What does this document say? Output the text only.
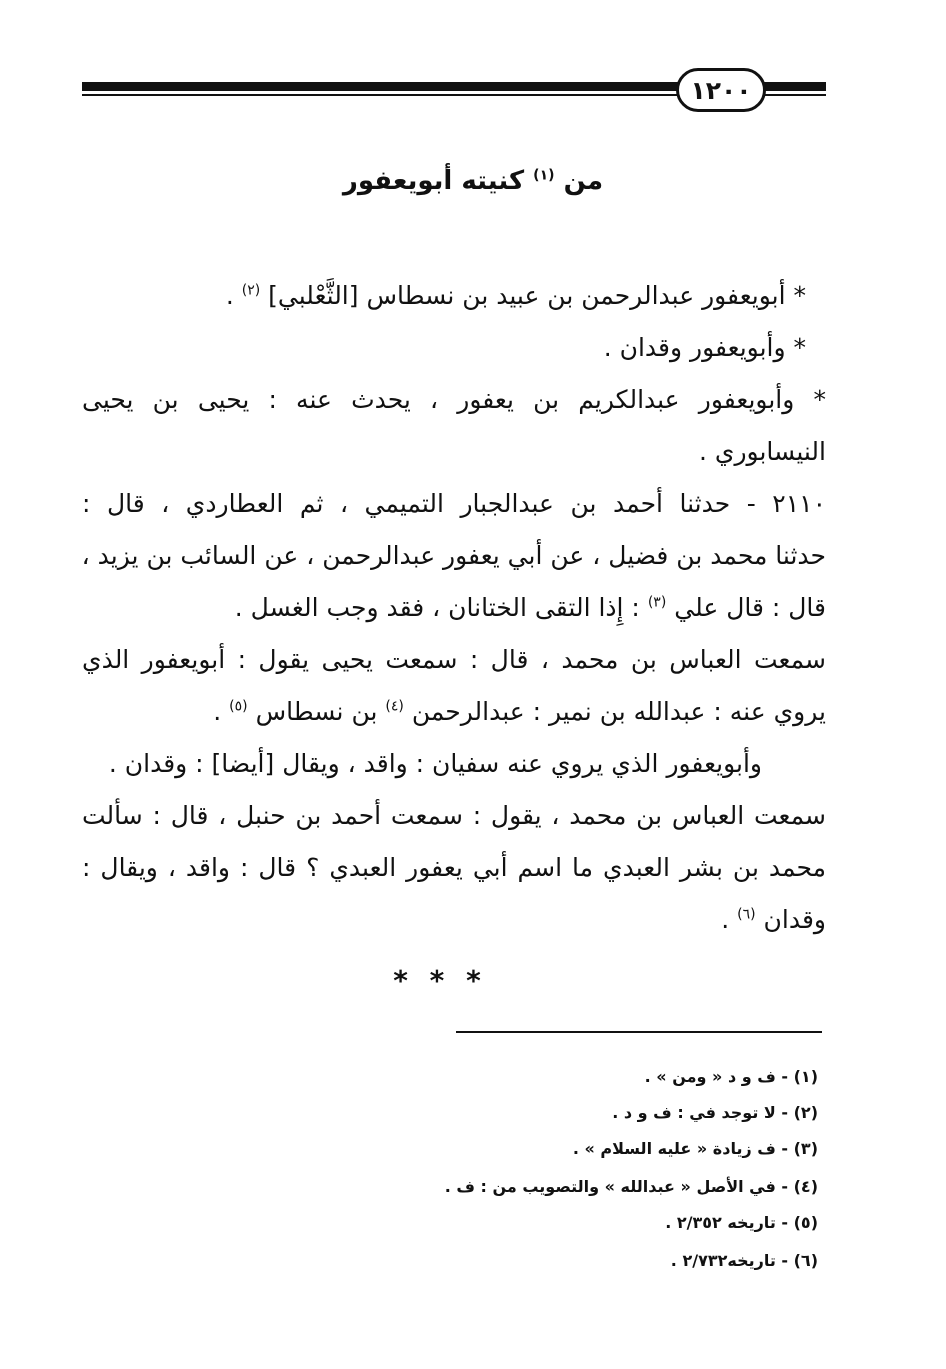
١٢٠٠
من $^{(١)}$ كنيته أبويعفور
* أبويعفور عبدالرحمن بن عبيد بن نسطاس [الثَّعْلبي] $^{(٢)}$ .
* وأبويعفور وقدان .
* وأبويعفور عبدالكريم بن يعفور ، يحدث عنه : يحيى بن يحيى
النيسابوري .
٢١١٠ - حدثنا أحمد بن عبدالجبار التميمي ، ثم العطاردي ، قال :
حدثنا محمد بن فضيل ، عن أبي يعفور عبدالرحمن ، عن السائب بن يزيد ،
قال : قال علي $^{(٣)}$ : إِذا التقى الختانان ، فقد وجب الغسل .
سمعت العباس بن محمد ، قال : سمعت يحيى يقول : أبويعفور الذي
يروي عنه : عبدالله بن نمير : عبدالرحمن $^{(٤)}$ بن نسطاس $^{(٥)}$ .
وأبويعفور الذي يروي عنه سفيان : واقد ، ويقال [أيضا] : وقدان .
سمعت العباس بن محمد ، يقول : سمعت أحمد بن حنبل ، قال : سألت
محمد بن بشر العبدي ما اسم أبي يعفور العبدي ؟ قال : واقد ، ويقال :
وقدان $^{(٦)}$ .
* * *
(١) - ف و د « ومن » .
(٢) - لا توجد في : ف و د .
(٣) - ف زيادة « عليه السلام » .
(٤) - في الأصل « عبدالله » والتصويب من : ف .
(٥) - تاريخه ٢/٣٥٢ .
(٦) - تاريخه٢/٧٣٢ .
